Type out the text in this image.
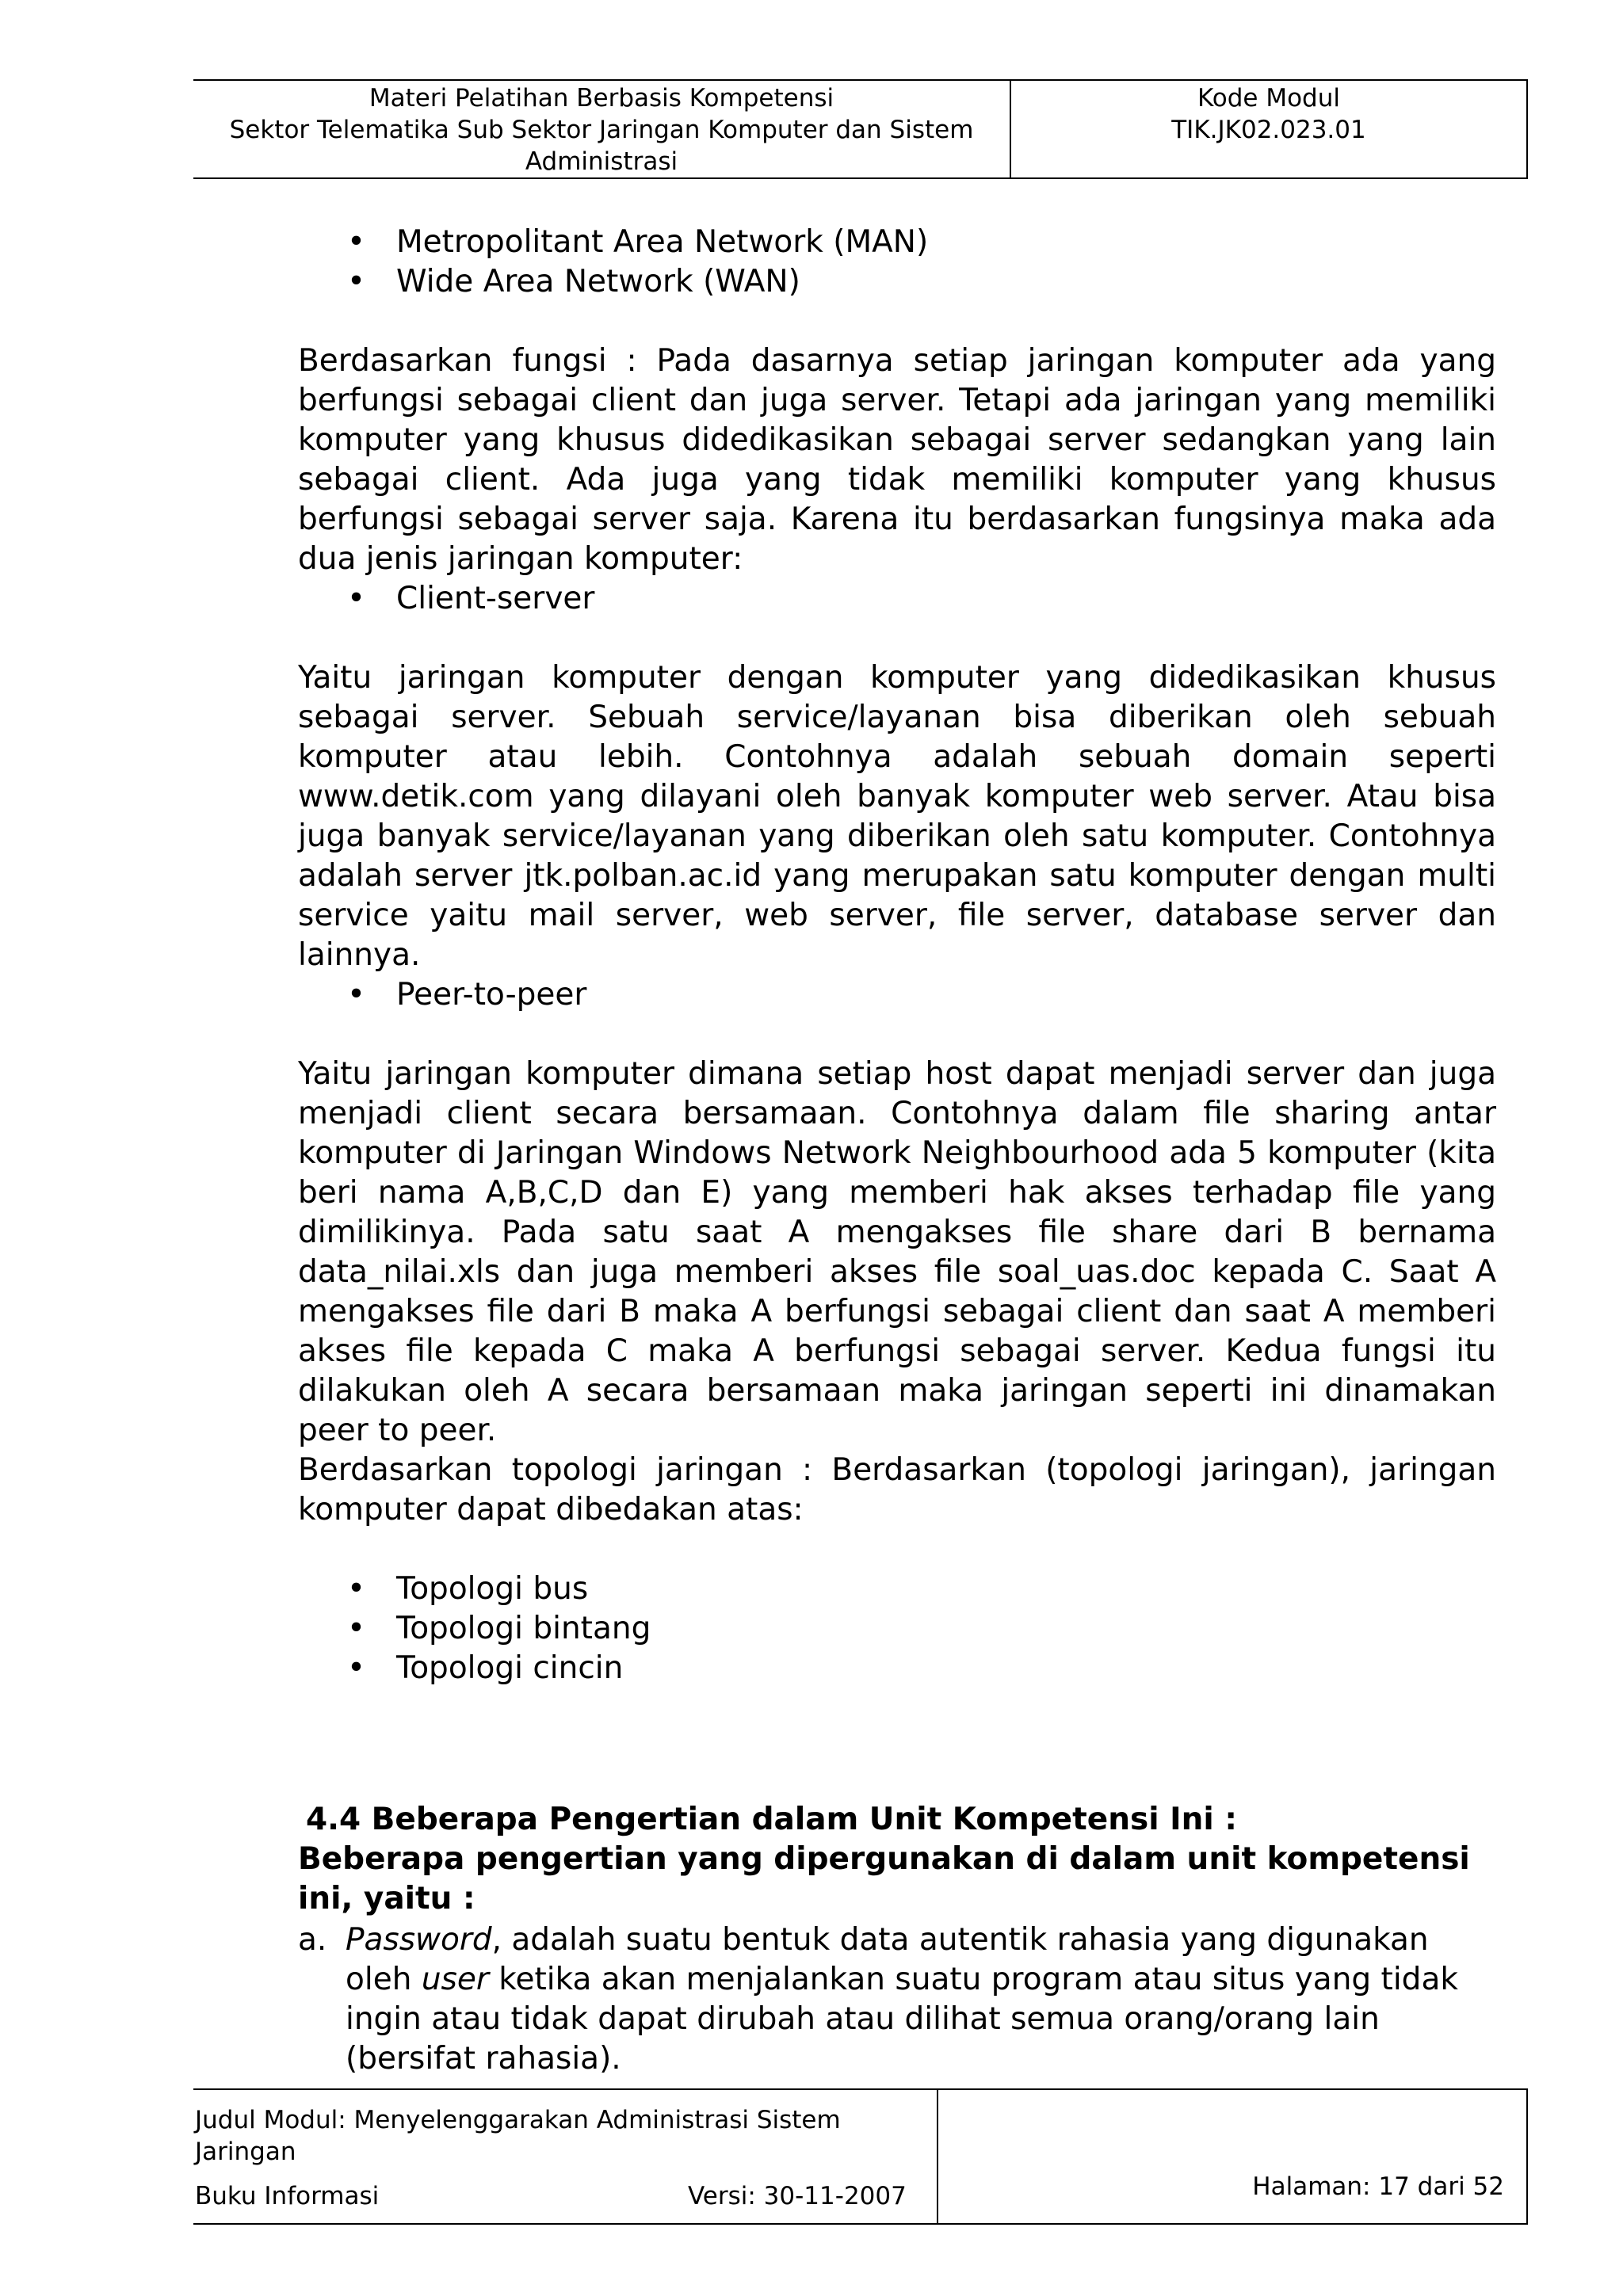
Materi Pelatihan Berbasis Kompetensi
Sektor Telematika Sub Sektor Jaringan Komputer dan Sistem
Administrasi
Kode Modul
TIK.JK02.023.01
• Metropolitant Area Network (MAN)
• Wide Area Network (WAN)

Berdasarkan fungsi : Pada dasarnya setiap jaringan komputer ada yang berfungsi sebagai client dan juga server. Tetapi ada jaringan yang memiliki komputer yang khusus didedikasikan sebagai server sedangkan yang lain sebagai client. Ada juga yang tidak memiliki komputer yang khusus berfungsi sebagai server saja. Karena itu berdasarkan fungsinya maka ada dua jenis jaringan komputer:

• Client-server

Yaitu jaringan komputer dengan komputer yang didedikasikan khusus sebagai server. Sebuah service/layanan bisa diberikan oleh sebuah komputer atau lebih. Contohnya adalah sebuah domain seperti www.detik.com yang dilayani oleh banyak komputer web server. Atau bisa juga banyak service/layanan yang diberikan oleh satu komputer. Contohnya adalah server jtk.polban.ac.id yang merupakan satu komputer dengan multi service yaitu mail server, web server, file server, database server dan lainnya.

• Peer-to-peer

Yaitu jaringan komputer dimana setiap host dapat menjadi server dan juga menjadi client secara bersamaan. Contohnya dalam file sharing antar komputer di Jaringan Windows Network Neighbourhood ada 5 komputer (kita beri nama A,B,C,D dan E) yang memberi hak akses terhadap file yang dimilikinya. Pada satu saat A mengakses file share dari B bernama data_nilai.xls dan juga memberi akses file soal_uas.doc kepada C. Saat A mengakses file dari B maka A berfungsi sebagai client dan saat A memberi akses file kepada C maka A berfungsi sebagai server. Kedua fungsi itu dilakukan oleh A secara bersamaan maka jaringan seperti ini dinamakan peer to peer.

Berdasarkan topologi jaringan : Berdasarkan (topologi jaringan), jaringan komputer dapat dibedakan atas:

• Topologi bus
• Topologi bintang
• Topologi cincin
4.4 Beberapa Pengertian dalam Unit Kompetensi Ini :
Beberapa pengertian yang dipergunakan di dalam unit kompetensi ini, yaitu :
a. Password, adalah suatu bentuk data autentik rahasia yang digunakan oleh user ketika akan menjalankan suatu program atau situs yang tidak ingin atau tidak dapat dirubah atau dilihat semua orang/orang lain (bersifat rahasia).
Judul Modul: Menyelenggarakan Administrasi Sistem Jaringan
Buku Informasi	Versi: 30-11-2007	Halaman: 17 dari 52
